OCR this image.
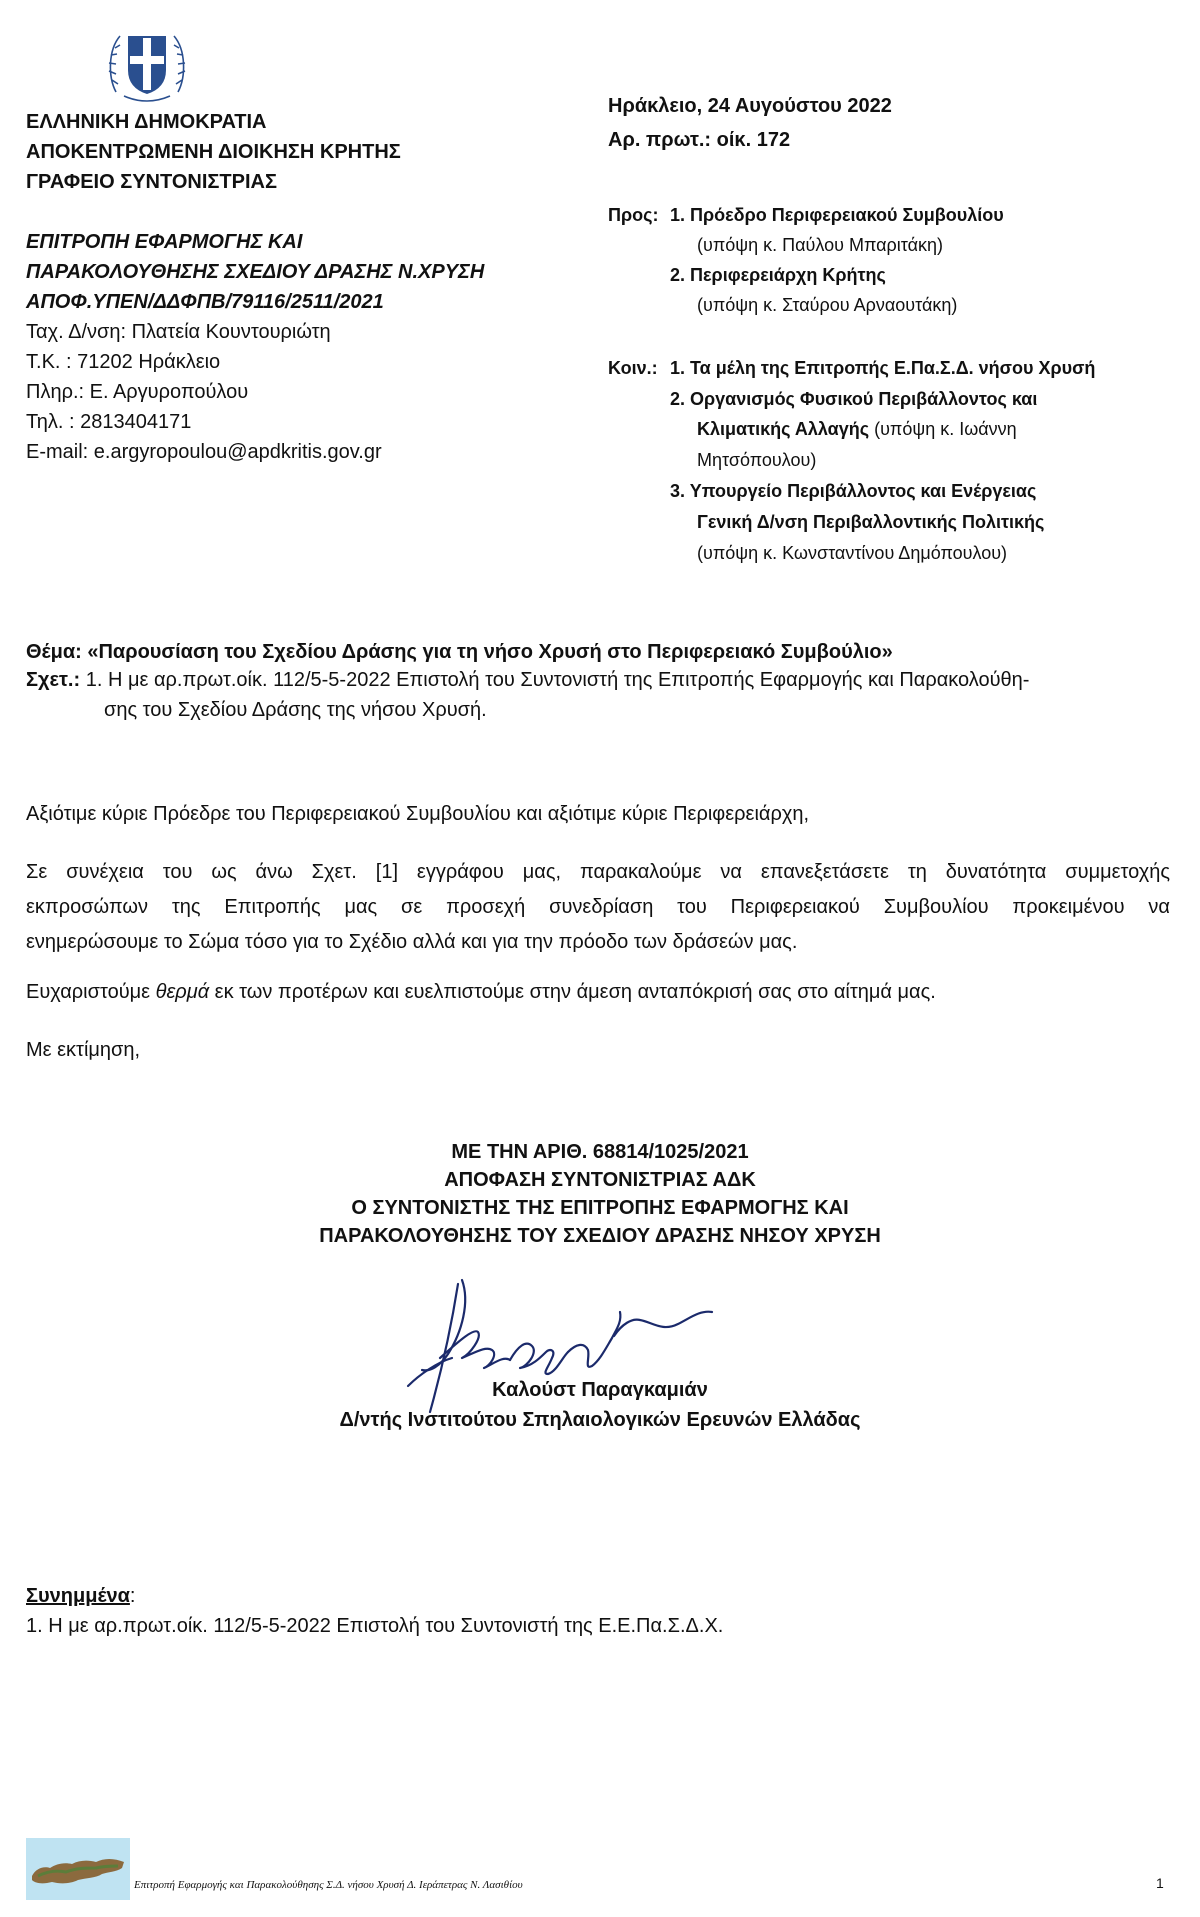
ΕΛΛΗΝΙΚΗ ΔΗΜΟΚΡΑΤΙΑ
ΑΠΟΚΕΝΤΡΩΜΕΝΗ ΔΙΟΙΚΗΣΗ ΚΡΗΤΗΣ
ΓΡΑΦΕΙΟ ΣΥΝΤΟΝΙΣΤΡΙΑΣ
ΕΠΙΤΡΟΠΗ ΕΦΑΡΜΟΓΗΣ ΚΑΙ
ΠΑΡΑΚΟΛΟΥΘΗΣΗΣ ΣΧΕΔΙΟΥ ΔΡΑΣΗΣ Ν.ΧΡΥΣΗ
ΑΠΟΦ.ΥΠΕΝ/ΔΔΦΠΒ/79116/2511/2021
Ταχ. Δ/νση: Πλατεία Κουντουριώτη
Τ.Κ. : 71202 Ηράκλειο
Πληρ.: Ε. Αργυροπούλου
Τηλ. : 2813404171
E-mail: e.argyropoulou@apdkritis.gov.gr
Ηράκλειο, 24 Αυγούστου 2022
Αρ. πρωτ.: οίκ. 172
Προς: 1. Πρόεδρο Περιφερειακού Συμβουλίου
(υπόψη κ. Παύλου Μπαριτάκη)
2. Περιφερειάρχη Κρήτης
(υπόψη κ. Σταύρου Αρναουτάκη)
Κοιν.: 1. Τα μέλη της Επιτροπής Ε.Πα.Σ.Δ. νήσου Χρυσή
2. Οργανισμός Φυσικού Περιβάλλοντος και
Κλιματικής Αλλαγής (υπόψη κ. Ιωάννη
Μητσόπουλου)
3. Υπουργείο Περιβάλλοντος και Ενέργειας
Γενική Δ/νση Περιβαλλοντικής Πολιτικής
(υπόψη κ. Κωνσταντίνου Δημόπουλου)
Θέμα: «Παρουσίαση του Σχεδίου Δράσης για τη νήσο Χρυσή στο Περιφερειακό Συμβούλιο»
Σχετ.: 1. Η με αρ.πρωτ.οίκ. 112/5-5-2022 Επιστολή του Συντονιστή της Επιτροπής Εφαρμογής και Παρακολούθη-
σης του Σχεδίου Δράσης της νήσου Χρυσή.
Αξιότιμε κύριε Πρόεδρε του Περιφερειακού Συμβουλίου και αξιότιμε κύριε Περιφερειάρχη,
Σε συνέχεια του ως άνω Σχετ. [1] εγγράφου μας, παρακαλούμε να επανεξετάσετε τη δυνατότητα συμμετοχής
εκπροσώπων της Επιτροπής μας σε προσεχή συνεδρίαση του Περιφερειακού Συμβουλίου προκειμένου να
ενημερώσουμε το Σώμα τόσο για το Σχέδιο αλλά και για την πρόοδο των δράσεών μας.
Ευχαριστούμε θερμά εκ των προτέρων και ευελπιστούμε στην άμεση ανταπόκρισή σας στο αίτημά μας.
Με εκτίμηση,
ΜΕ ΤΗΝ ΑΡΙΘ. 68814/1025/2021
ΑΠΟΦΑΣΗ ΣΥΝΤΟΝΙΣΤΡΙΑΣ ΑΔΚ
Ο ΣΥΝΤΟΝΙΣΤΗΣ ΤΗΣ ΕΠΙΤΡΟΠΗΣ ΕΦΑΡΜΟΓΗΣ ΚΑΙ
ΠΑΡΑΚΟΛΟΥΘΗΣΗΣ ΤΟΥ ΣΧΕΔΙΟΥ ΔΡΑΣΗΣ ΝΗΣΟΥ ΧΡΥΣΗ
Καλούστ Παραγκαμιάν
Δ/ντής Ινστιτούτου Σπηλαιολογικών Ερευνών Ελλάδας
Συνημμένα:
1. Η με αρ.πρωτ.οίκ. 112/5-5-2022 Επιστολή του Συντονιστή της Ε.Ε.Πα.Σ.Δ.Χ.
Επιτροπή Εφαρμογής και Παρακολούθησης Σ.Δ. νήσου Χρυσή Δ. Ιεράπετρας Ν. Λασιθίου	1
